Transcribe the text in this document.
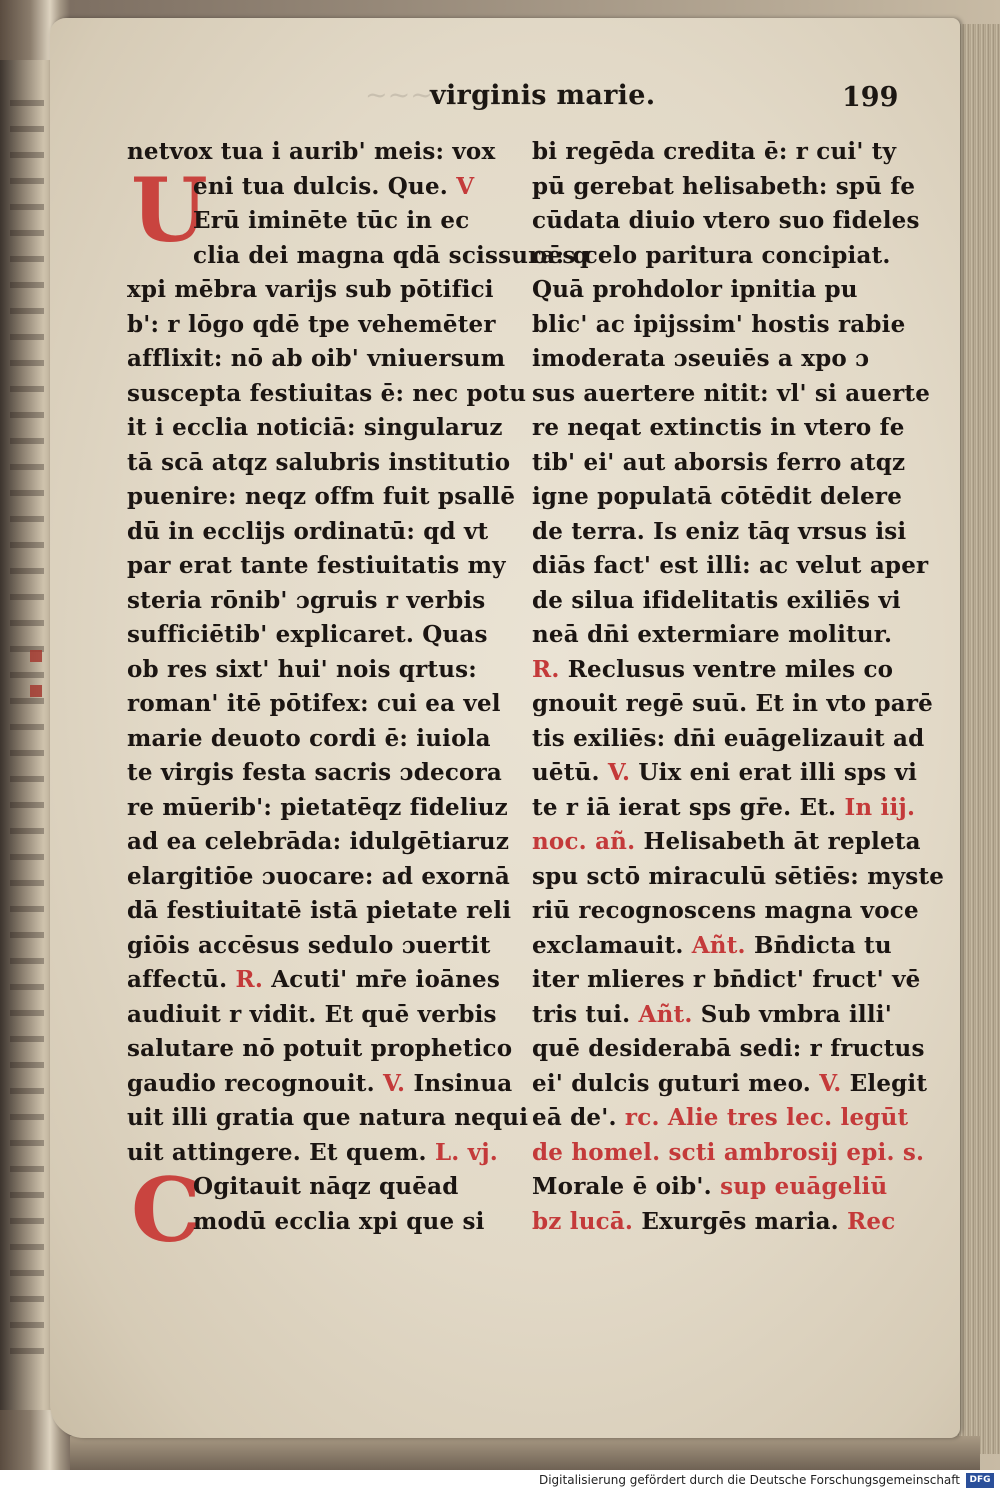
~~~
virginis marie.	199
netvox tua i aurib' meis: vox
U
eni tua dulcis. Que. V
Erū iminēte tūc in ec
clia dei magna qdā scissura: q
xpi mēbra varijs sub pōtifici
b': r lōgo qdē tpe vehemēter
afflixit: nō ab oib' vniuersum
suscepta festiuitas ē: nec potu
it i ecclia noticiā: singularuz
tā scā atqz salubris institutio
puenire: neqz offm fuit psallē
dū in ecclijs ordinatū: qd vt
par erat tante festiuitatis my
steria rōnib' ɔgruis r verbis
sufficiētib' explicaret. Quas
ob res sixt' hui' nois qrtus:
roman' itē pōtifex: cui ea vel
marie deuoto cordi ē: iuiola
te virgis festa sacris ɔdecora
re mūerib': pietatēqz fideliuz
ad ea celebrāda: idulgētiaruz
elargitiōe ɔuocare: ad exornā
dā festiuitatē istā pietate reli
giōis accēsus sedulo ɔuertit
affectū. R. Acuti' mr̄e ioānes
audiuit r vidit. Et quē verbis
salutare nō potuit prophetico
gaudio recognouit. V. Insinua
uit illi gratia que natura nequi
uit attingere. Et quem. L. vj.
C
Ogitauit nāqz quēad
modū ecclia xpi que si
bi regēda credita ē: r cui' ty
pū gerebat helisabeth: spū fe
cūdata diuio vtero suo fideles
oēs celo paritura concipiat.
Quā prohdolor ipnitia pu
blic' ac ipijssim' hostis rabie
imoderata ɔseuiēs a xpo ɔ
sus auertere nitit: vl' si auerte
re neqat extinctis in vtero fe
tib' ei' aut aborsis ferro atqz
igne populatā cōtēdit delere
de terra. Is eniz tāq vrsus isi
diās fact' est illi: ac velut aper
de silua ifidelitatis exiliēs vi
neā dn̄i extermiare molitur.
R. Reclusus ventre miles co
gnouit regē suū. Et in vto parē
tis exiliēs: dn̄i euāgelizauit ad
uētū. V. Uix eni erat illi sps vi
te r iā ierat sps gr̄e. Et. In iij.
noc. añ. Helisabeth āt repleta
spu sctō miraculū sētiēs: myste
riū recognoscens magna voce
exclamauit. Añt. Bn̄dicta tu
iter mlieres r bn̄dict' fruct' vē
tris tui. Añt. Sub vmbra illi'
quē desiderabā sedi: r fructus
ei' dulcis guturi meo. V. Elegit
eā de'. rc. Alie tres lec. legūt
de homel. scti ambrosij epi. s.
Morale ē oib'. sup euāgeliū
bz lucā. Exurgēs maria. Rec
Digitalisierung gefördert durch die Deutsche Forschungsgemeinschaft	DFG
